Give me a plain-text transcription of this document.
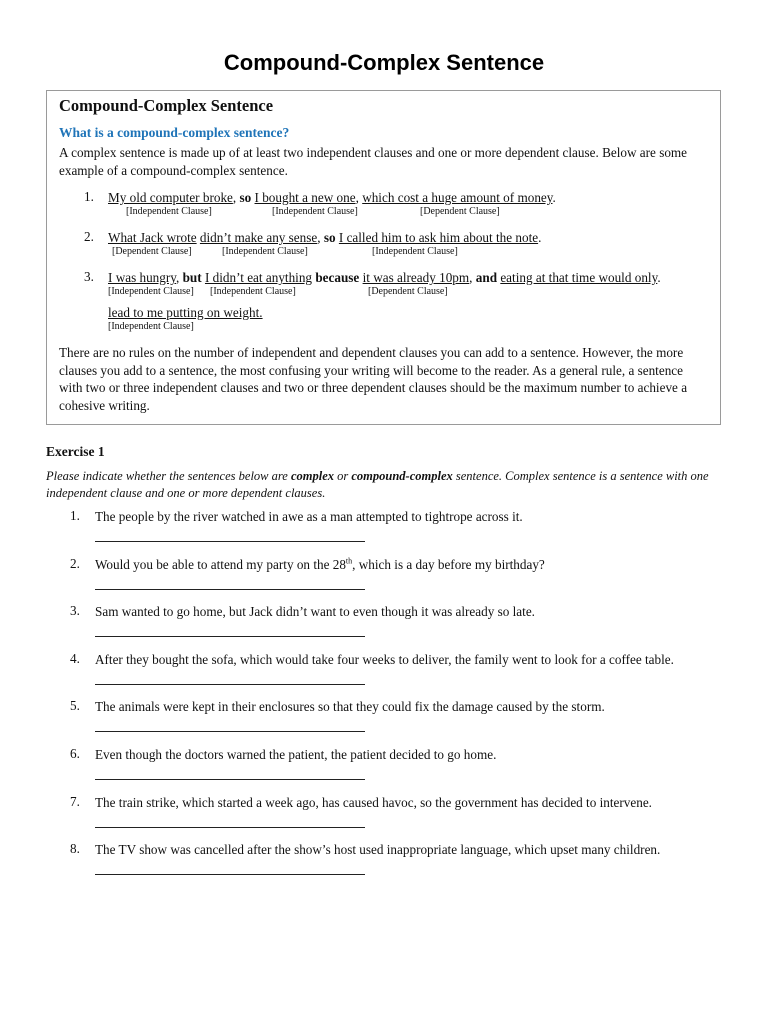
Compound-Complex Sentence
Compound-Complex Sentence
What is a compound-complex sentence?

A complex sentence is made up of at least two independent clauses and one or more dependent clause. Below are some example of a compound-complex sentence.

1. My old computer broke, so I bought a new one, which cost a huge amount of money.
[Independent Clause]	[Independent Clause]	[Dependent Clause]
2. What Jack wrote didn’t make any sense, so I called him to ask him about the note.
[Dependent Clause]	[Independent Clause]	[Independent Clause]
3. I was hungry, but I didn’t eat anything because it was already 10pm, and eating at that time would only.
[Independent Clause] [Independent Clause]	[Dependent Clause]
lead to me putting on weight.
[Independent Clause]

There are no rules on the number of independent and dependent clauses you can add to a sentence. However, the more clauses you add to a sentence, the most confusing your writing will become to the reader. As a general rule, a sentence with two or three independent clauses and two or three dependent clauses should be the maximum number to achieve a cohesive writing.

Exercise 1

Please indicate whether the sentences below are complex or compound-complex sentence. Complex sentence is a sentence with one independent clause and one or more dependent clauses.

1. The people by the river watched in awe as a man attempted to tightrope across it.
2. Would you be able to attend my party on the 28th, which is a day before my birthday?
3. Sam wanted to go home, but Jack didn’t want to even though it was already so late.
4. After they bought the sofa, which would take four weeks to deliver, the family went to look for a coffee table.
5. The animals were kept in their enclosures so that they could fix the damage caused by the storm.
6. Even though the doctors warned the patient, the patient decided to go home.
7. The train strike, which started a week ago, has caused havoc, so the government has decided to intervene.
8. The TV show was cancelled after the show’s host used inappropriate language, which upset many children.
